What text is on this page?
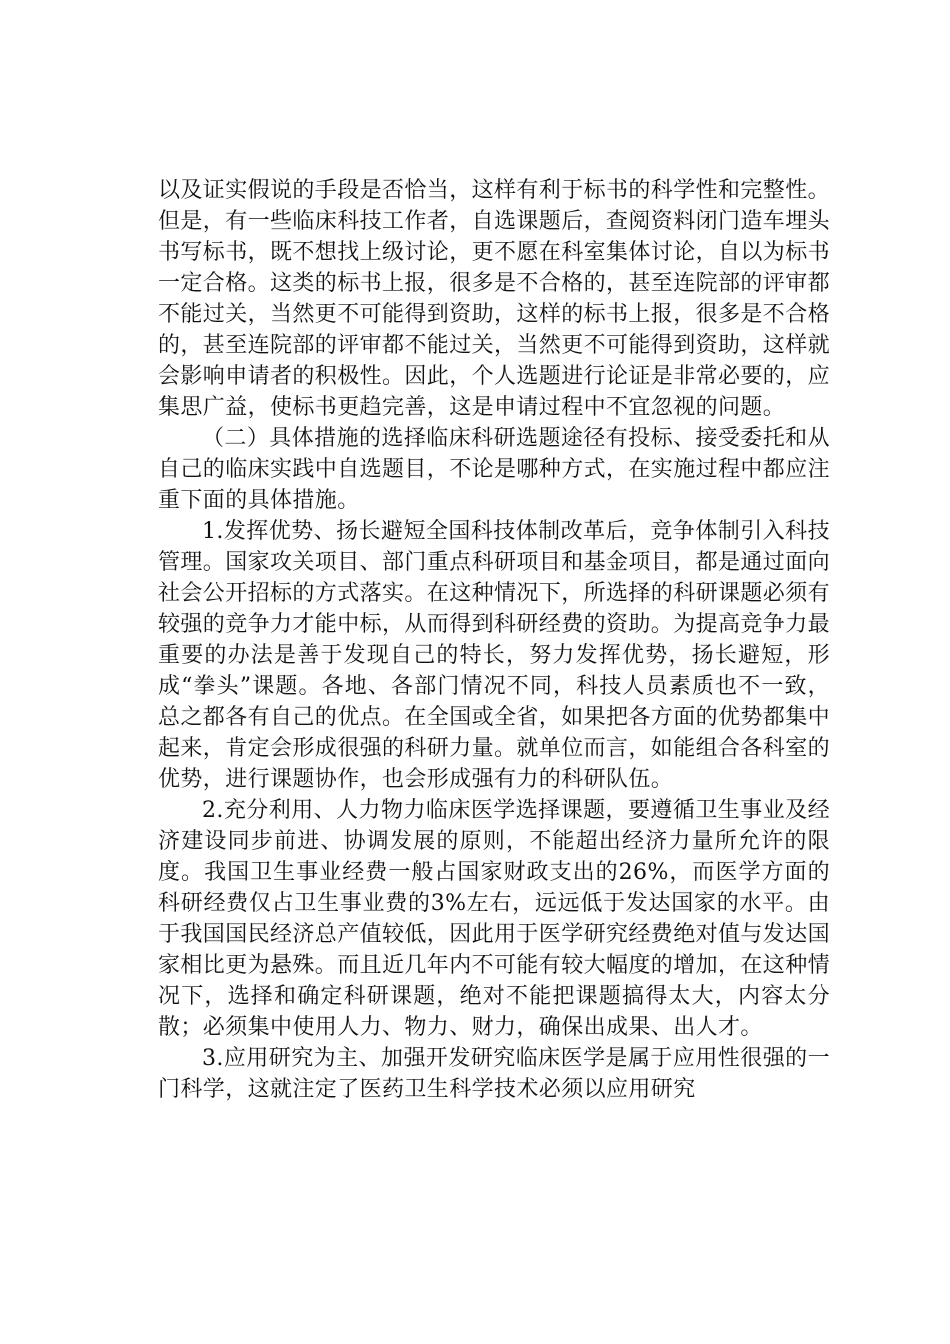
以及证实假说的手段是否恰当，这样有利于标书的科学性和完整性。但是，有一些临床科技工作者，自选课题后，查阅资料闭门造车埋头书写标书，既不想找上级讨论，更不愿在科室集体讨论，自以为标书一定合格。这类的标书上报，很多是不合格的，甚至连院部的评审都不能过关，当然更不可能得到资助，这样的标书上报，很多是不合格的，甚至连院部的评审都不能过关，当然更不可能得到资助，这样就会影响申请者的积极性。因此，个人选题进行论证是非常必要的，应集思广益，使标书更趋完善，这是申请过程中不宜忽视的问题。

（二）具体措施的选择临床科研选题途径有投标、接受委托和从自己的临床实践中自选题目，不论是哪种方式，在实施过程中都应注重下面的具体措施。

1.发挥优势、扬长避短全国科技体制改革后，竞争体制引入科技管理。国家攻关项目、部门重点科研项目和基金项目，都是通过面向社会公开招标的方式落实。在这种情况下，所选择的科研课题必须有较强的竞争力才能中标，从而得到科研经费的资助。为提高竞争力最重要的办法是善于发现自己的特长，努力发挥优势，扬长避短，形成“拳头”课题。各地、各部门情况不同，科技人员素质也不一致，总之都各有自己的优点。在全国或全省，如果把各方面的优势都集中起来，肯定会形成很强的科研力量。就单位而言，如能组合各科室的优势，进行课题协作，也会形成强有力的科研队伍。

2.充分利用、人力物力临床医学选择课题，要遵循卫生事业及经济建设同步前进、协调发展的原则，不能超出经济力量所允许的限度。我国卫生事业经费一般占国家财政支出的26%，而医学方面的科研经费仅占卫生事业费的3%左右，远远低于发达国家的水平。由于我国国民经济总产值较低，因此用于医学研究经费绝对值与发达国家相比更为悬殊。而且近几年内不可能有较大幅度的增加，在这种情况下，选择和确定科研课题，绝对不能把课题搞得太大，内容太分散；必须集中使用人力、物力、财力，确保出成果、出人才。

3.应用研究为主、加强开发研究临床医学是属于应用性很强的一门科学，这就注定了医药卫生科学技术必须以应用研究
